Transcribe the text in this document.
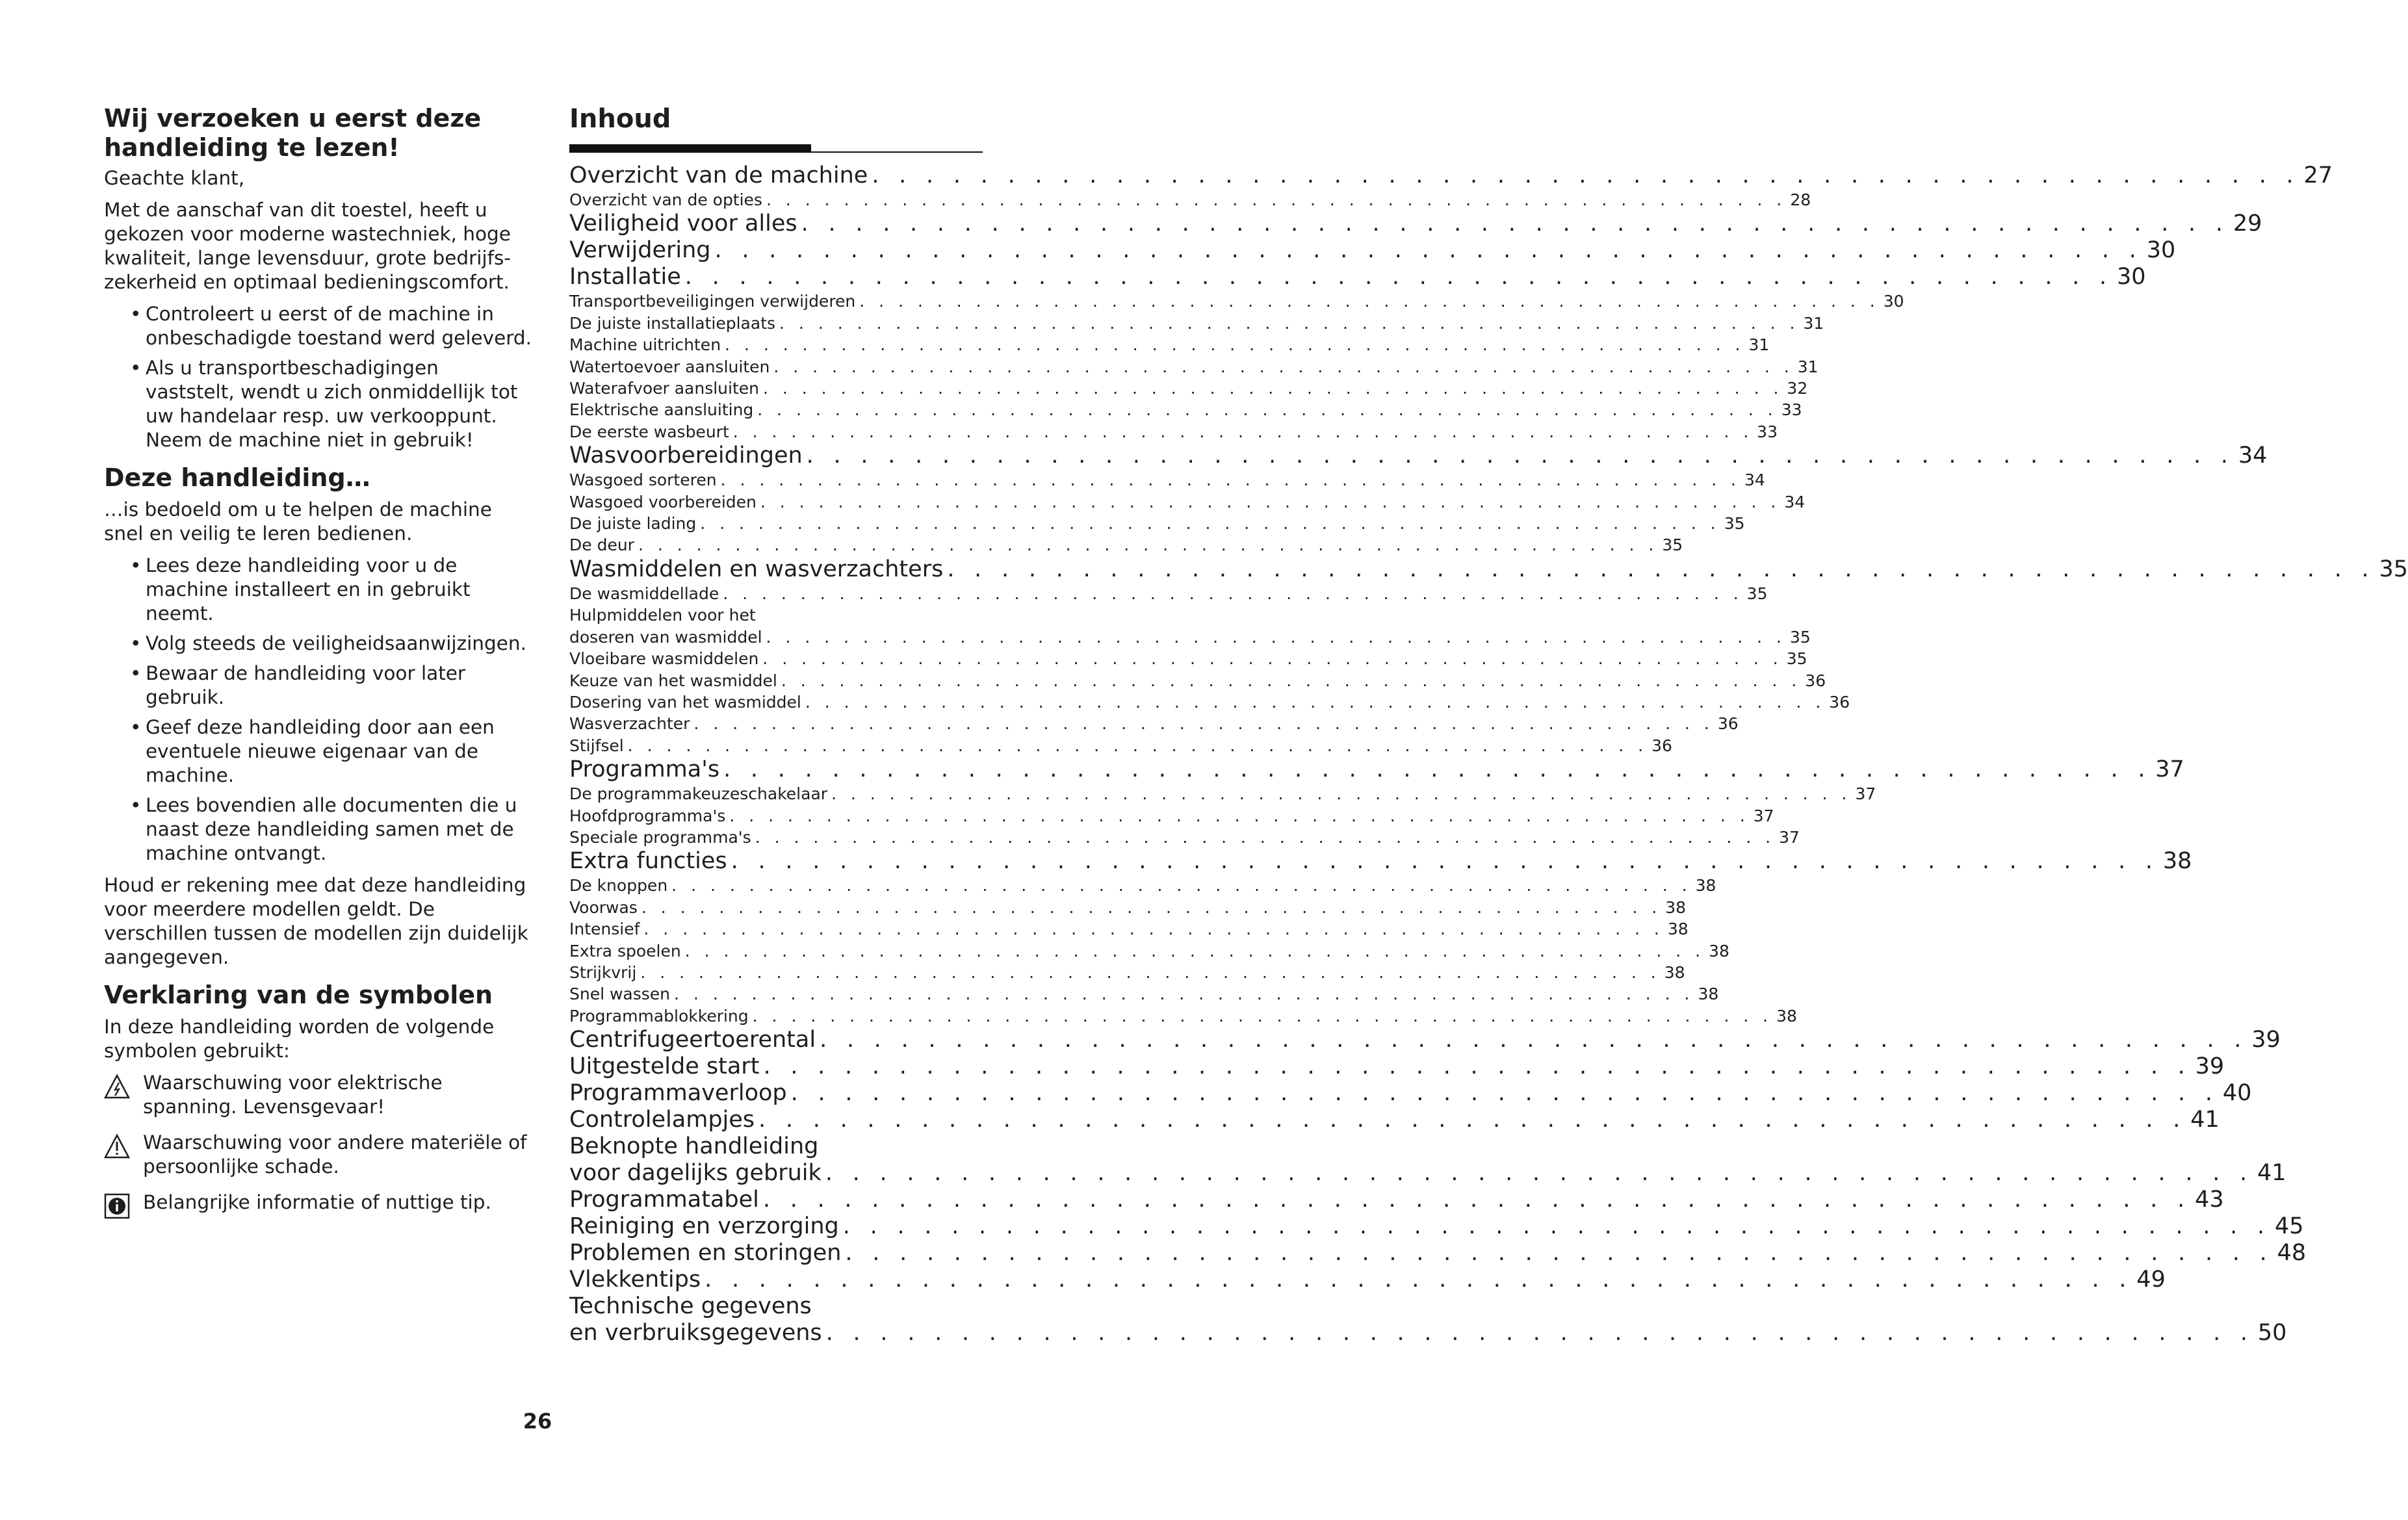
Wij verzoeken u eerst deze handleiding te lezen!

Geachte klant,

Met de aanschaf van dit toestel, heeft u gekozen voor moderne wastechniek, hoge kwaliteit, lange levensduur, grote bedrijfs-zekerheid en optimaal bedieningscomfort.

• Controleert u eerst of de machine in onbeschadigde toestand werd geleverd.
• Als u transportbeschadigingen vaststelt, wendt u zich onmiddellijk tot uw handelaar resp. uw verkooppunt. Neem de machine niet in gebruik!
Deze handleiding…

…is bedoeld om u te helpen de machine snel en veilig te leren bedienen.

• Lees deze handleiding voor u de machine installeert en in gebruikt neemt.
• Volg steeds de veiligheidsaanwijzingen.
• Bewaar de handleiding voor later gebruik.
• Geef deze handleiding door aan een eventuele nieuwe eigenaar van de machine.
• Lees bovendien alle documenten die u naast deze handleiding samen met de machine ontvangt.

Houd er rekening mee dat deze handleiding voor meerdere modellen geldt. De verschillen tussen de modellen zijn duidelijk aangegeven.

Verklaring van de symbolen

In deze handleiding worden de volgende symbolen gebruikt:

Waarschuwing voor elektrische spanning. Levensgevaar!
Waarschuwing voor andere materiële of persoonlijke schade.
Belangrijke informatie of nuttige tip.
Inhoud
Overzicht van de machine . . . . . . . . . . . . . . . . . . . . . . . . . . . . . . . . . . . . . . . . . . . . . . . . . . . . . 27
Overzicht van de opties . . . . . . . . . . . . . . . . . . . . . . . . . . . . . . . . . . . . . . . . . . . . . . . . . . . . . 28
Veiligheid voor alles . . . . . . . . . . . . . . . . . . . . . . . . . . . . . . . . . . . . . . . . . . . . . . . . . . . . . 29
Verwijdering . . . . . . . . . . . . . . . . . . . . . . . . . . . . . . . . . . . . . . . . . . . . . . . . . . . . . 30
Installatie . . . . . . . . . . . . . . . . . . . . . . . . . . . . . . . . . . . . . . . . . . . . . . . . . . . . . 30
Transportbeveiligingen verwijderen . . . . . . . . . . . . . . . . . . . . . . . . . . . . . . . . . . . . . . . . . . . . . . . . . . . . . 30
De juiste installatieplaats . . . . . . . . . . . . . . . . . . . . . . . . . . . . . . . . . . . . . . . . . . . . . . . . . . . . . 31
Machine uitrichten . . . . . . . . . . . . . . . . . . . . . . . . . . . . . . . . . . . . . . . . . . . . . . . . . . . . . 31
Watertoevoer aansluiten . . . . . . . . . . . . . . . . . . . . . . . . . . . . . . . . . . . . . . . . . . . . . . . . . . . . . 31
Waterafvoer aansluiten . . . . . . . . . . . . . . . . . . . . . . . . . . . . . . . . . . . . . . . . . . . . . . . . . . . . . 32
Elektrische aansluiting . . . . . . . . . . . . . . . . . . . . . . . . . . . . . . . . . . . . . . . . . . . . . . . . . . . . . 33
De eerste wasbeurt . . . . . . . . . . . . . . . . . . . . . . . . . . . . . . . . . . . . . . . . . . . . . . . . . . . . . 33
Wasvoorbereidingen . . . . . . . . . . . . . . . . . . . . . . . . . . . . . . . . . . . . . . . . . . . . . . . . . . . . . 34
Wasgoed sorteren . . . . . . . . . . . . . . . . . . . . . . . . . . . . . . . . . . . . . . . . . . . . . . . . . . . . . 34
Wasgoed voorbereiden . . . . . . . . . . . . . . . . . . . . . . . . . . . . . . . . . . . . . . . . . . . . . . . . . . . . . 34
De juiste lading . . . . . . . . . . . . . . . . . . . . . . . . . . . . . . . . . . . . . . . . . . . . . . . . . . . . . 35
De deur . . . . . . . . . . . . . . . . . . . . . . . . . . . . . . . . . . . . . . . . . . . . . . . . . . . . . 35
Wasmiddelen en wasverzachters . . . . . . . . . . . . . . . . . . . . . . . . . . . . . . . . . . . . . . . . . . . . . . . . . . . . . 35
De wasmiddellade . . . . . . . . . . . . . . . . . . . . . . . . . . . . . . . . . . . . . . . . . . . . . . . . . . . . . 35
Hulpmiddelen voor het
doseren van wasmiddel . . . . . . . . . . . . . . . . . . . . . . . . . . . . . . . . . . . . . . . . . . . . . . . . . . . . . 35
Vloeibare wasmiddelen . . . . . . . . . . . . . . . . . . . . . . . . . . . . . . . . . . . . . . . . . . . . . . . . . . . . . 35
Keuze van het wasmiddel . . . . . . . . . . . . . . . . . . . . . . . . . . . . . . . . . . . . . . . . . . . . . . . . . . . . . 36
Dosering van het wasmiddel . . . . . . . . . . . . . . . . . . . . . . . . . . . . . . . . . . . . . . . . . . . . . . . . . . . . . 36
Wasverzachter . . . . . . . . . . . . . . . . . . . . . . . . . . . . . . . . . . . . . . . . . . . . . . . . . . . . . 36
Stijfsel . . . . . . . . . . . . . . . . . . . . . . . . . . . . . . . . . . . . . . . . . . . . . . . . . . . . . 36
Programma's . . . . . . . . . . . . . . . . . . . . . . . . . . . . . . . . . . . . . . . . . . . . . . . . . . . . . 37
De programmakeuzeschakelaar . . . . . . . . . . . . . . . . . . . . . . . . . . . . . . . . . . . . . . . . . . . . . . . . . . . . . 37
Hoofdprogramma's . . . . . . . . . . . . . . . . . . . . . . . . . . . . . . . . . . . . . . . . . . . . . . . . . . . . . 37
Speciale programma's . . . . . . . . . . . . . . . . . . . . . . . . . . . . . . . . . . . . . . . . . . . . . . . . . . . . . 37
Extra functies . . . . . . . . . . . . . . . . . . . . . . . . . . . . . . . . . . . . . . . . . . . . . . . . . . . . . 38
De knoppen . . . . . . . . . . . . . . . . . . . . . . . . . . . . . . . . . . . . . . . . . . . . . . . . . . . . . 38
Voorwas . . . . . . . . . . . . . . . . . . . . . . . . . . . . . . . . . . . . . . . . . . . . . . . . . . . . . 38
Intensief . . . . . . . . . . . . . . . . . . . . . . . . . . . . . . . . . . . . . . . . . . . . . . . . . . . . . 38
Extra spoelen . . . . . . . . . . . . . . . . . . . . . . . . . . . . . . . . . . . . . . . . . . . . . . . . . . . . . 38
Strijkvrij . . . . . . . . . . . . . . . . . . . . . . . . . . . . . . . . . . . . . . . . . . . . . . . . . . . . . 38
Snel wassen . . . . . . . . . . . . . . . . . . . . . . . . . . . . . . . . . . . . . . . . . . . . . . . . . . . . . 38
Programmablokkering . . . . . . . . . . . . . . . . . . . . . . . . . . . . . . . . . . . . . . . . . . . . . . . . . . . . . 38
Centrifugeertoerental . . . . . . . . . . . . . . . . . . . . . . . . . . . . . . . . . . . . . . . . . . . . . . . . . . . . . 39
Uitgestelde start . . . . . . . . . . . . . . . . . . . . . . . . . . . . . . . . . . . . . . . . . . . . . . . . . . . . . 39
Programmaverloop . . . . . . . . . . . . . . . . . . . . . . . . . . . . . . . . . . . . . . . . . . . . . . . . . . . . . 40
Controlelampjes . . . . . . . . . . . . . . . . . . . . . . . . . . . . . . . . . . . . . . . . . . . . . . . . . . . . . 41
Beknopte handleiding
voor dagelijks gebruik . . . . . . . . . . . . . . . . . . . . . . . . . . . . . . . . . . . . . . . . . . . . . . . . . . . . . 41
Programmatabel . . . . . . . . . . . . . . . . . . . . . . . . . . . . . . . . . . . . . . . . . . . . . . . . . . . . . 43
Reiniging en verzorging . . . . . . . . . . . . . . . . . . . . . . . . . . . . . . . . . . . . . . . . . . . . . . . . . . . . . 45
Problemen en storingen . . . . . . . . . . . . . . . . . . . . . . . . . . . . . . . . . . . . . . . . . . . . . . . . . . . . . 48
Vlekkentips . . . . . . . . . . . . . . . . . . . . . . . . . . . . . . . . . . . . . . . . . . . . . . . . . . . . . 49
Technische gegevens
en verbruiksgegevens . . . . . . . . . . . . . . . . . . . . . . . . . . . . . . . . . . . . . . . . . . . . . . . . . . . . . 50
26
